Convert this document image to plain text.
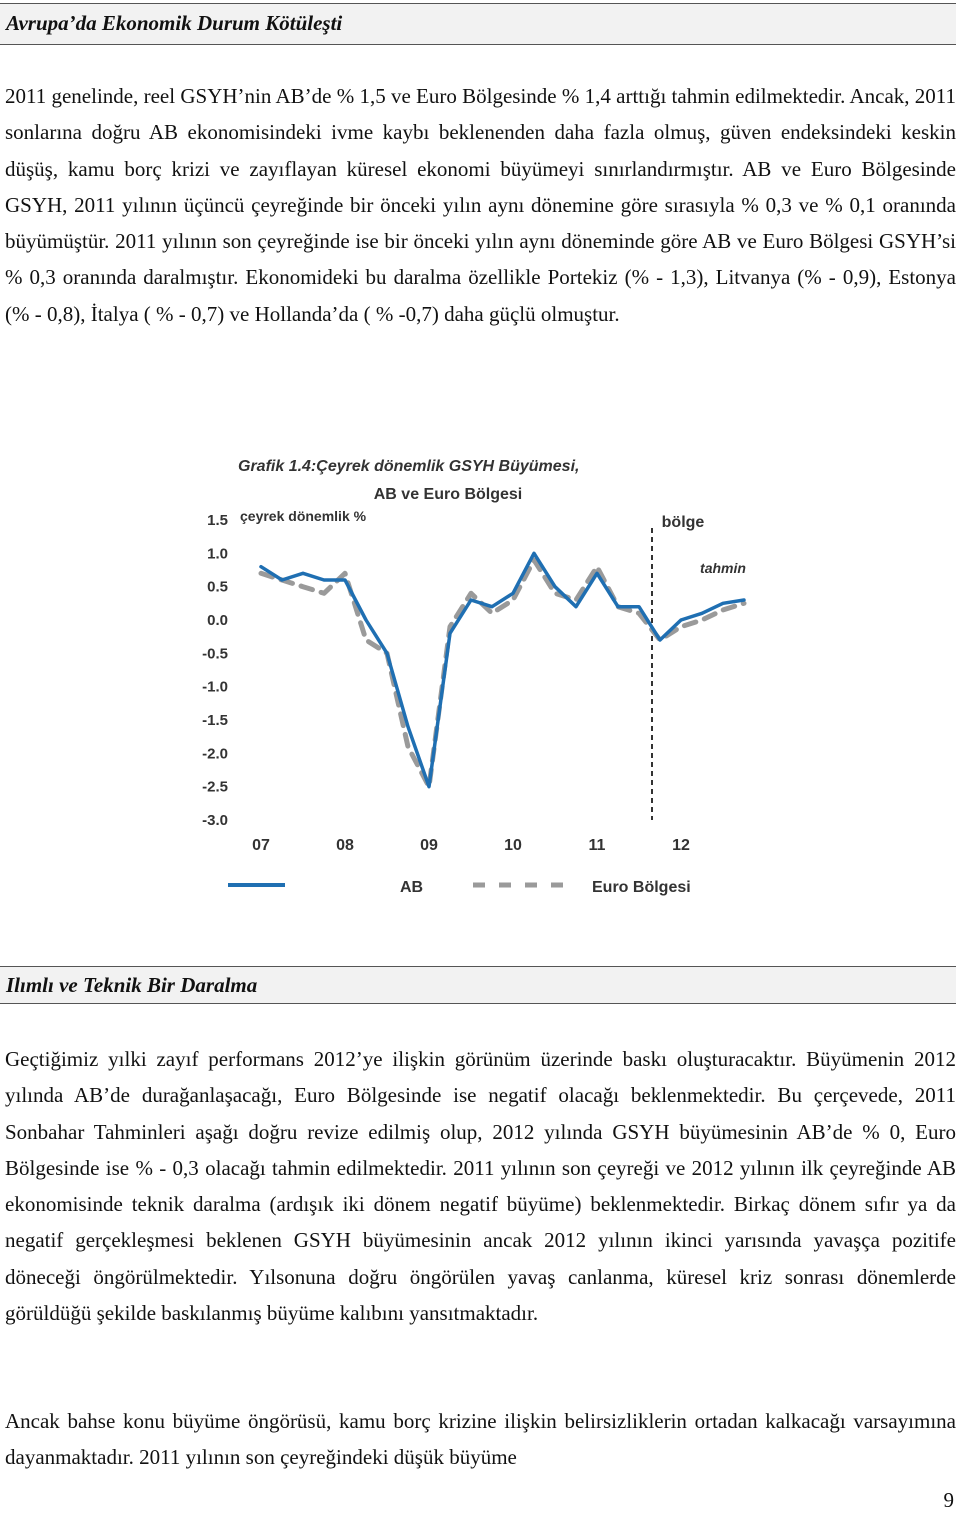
Avrupa’da Ekonomik Durum Kötüleşti

2011 genelinde, reel GSYH’nin AB’de % 1,5 ve Euro Bölgesinde % 1,4 arttığı tahmin edilmektedir. Ancak, 2011 sonlarına doğru AB ekonomisindeki ivme kaybı beklenenden daha fazla olmuş, güven endeksindeki keskin düşüş, kamu borç krizi ve zayıflayan küresel ekonomi büyümeyi sınırlandırmıştır. AB ve Euro Bölgesinde GSYH, 2011 yılının üçüncü çeyreğinde bir önceki yılın aynı dönemine göre sırasıyla % 0,3 ve % 0,1 oranında büyümüştür. 2011 yılının son çeyreğinde ise bir önceki yılın aynı döneminde göre AB ve Euro Bölgesi GSYH’si % 0,3 oranında daralmıştır. Ekonomideki bu daralma özellikle Portekiz (% - 1,3), Litvanya (% - 0,9), Estonya (% - 0,8), İtalya ( % - 0,7) ve Hollanda’da ( % -0,7) daha güçlü olmuştur.

Grafik 1.4:Çeyrek dönemlik GSYH Büyümesi,
AB ve Euro Bölgesi
çeyrek dönemlik %	bölge
tahmin
1.5
1.0
0.5
0.0
-0.5
-1.0
-1.5
-2.0
-2.5
-3.0
07	08	09	10	11	12
AB	Euro Bölgesi
Ilımlı ve Teknik Bir Daralma

Geçtiğimiz yılki zayıf performans 2012’ye ilişkin görünüm üzerinde baskı oluşturacaktır. Büyümenin 2012 yılında AB’de durağanlaşacağı, Euro Bölgesinde ise negatif olacağı beklenmektedir. Bu çerçevede, 2011 Sonbahar Tahminleri aşağı doğru revize edilmiş olup, 2012 yılında GSYH büyümesinin AB’de % 0, Euro Bölgesinde ise % - 0,3 olacağı tahmin edilmektedir. 2011 yılının son çeyreği ve 2012 yılının ilk çeyreğinde AB ekonomisinde teknik daralma (ardışık iki dönem negatif büyüme) beklenmektedir. Birkaç dönem sıfır ya da negatif gerçekleşmesi beklenen GSYH büyümesinin ancak 2012 yılının ikinci yarısında yavaşça pozitife döneceği öngörülmektedir. Yılsonuna doğru öngörülen yavaş canlanma, küresel kriz sonrası dönemlerde görüldüğü şekilde baskılanmış büyüme kalıbını yansıtmaktadır.

Ancak bahse konu büyüme öngörüsü, kamu borç krizine ilişkin belirsizliklerin ortadan kalkacağı varsayımına dayanmaktadır. 2011 yılının son çeyreğindeki düşük büyüme

9
